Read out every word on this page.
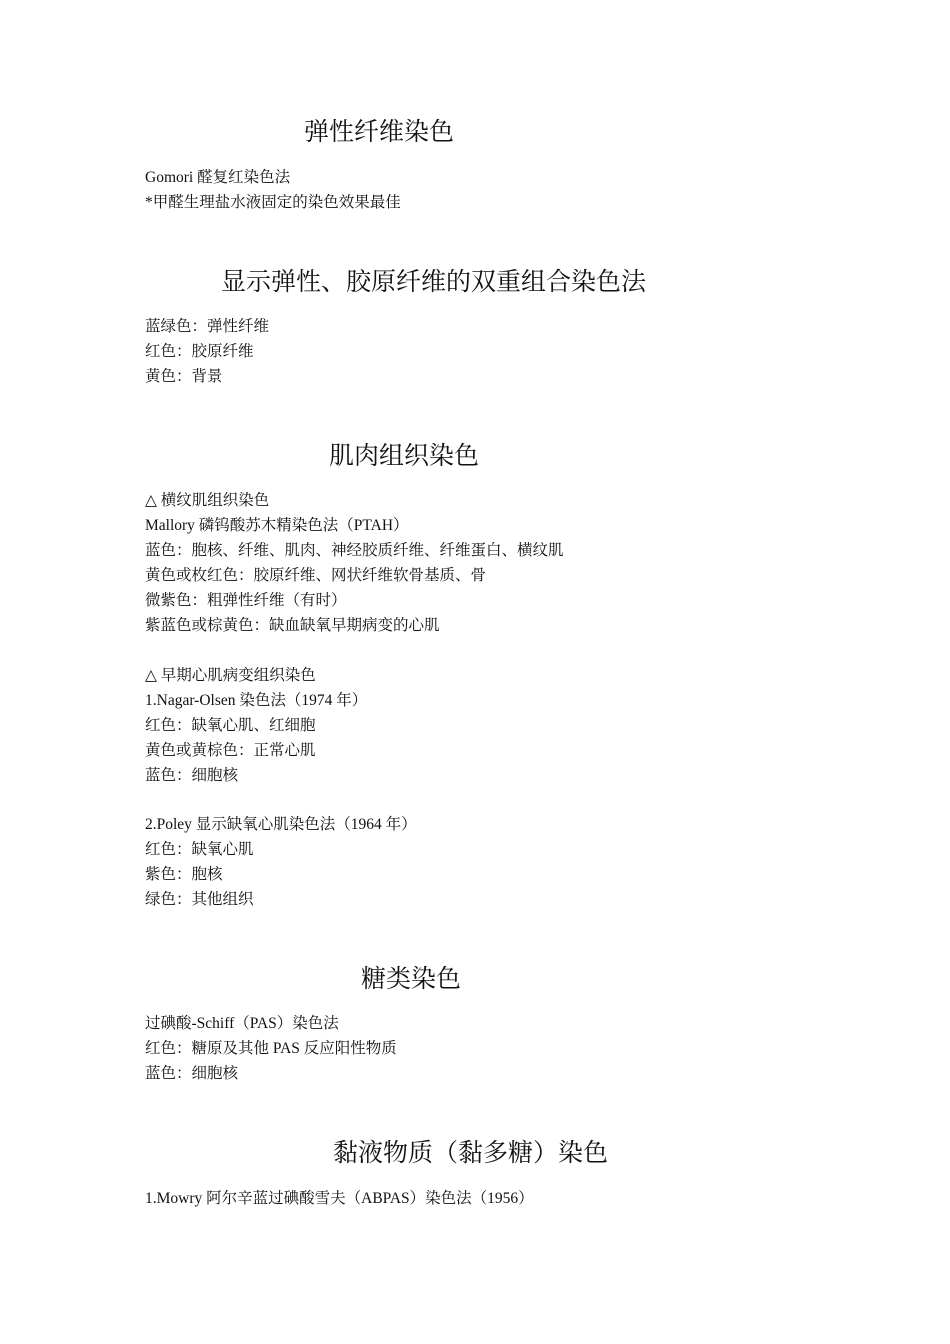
弹性纤维染色

Gomori 醛复红染色法

*甲醛生理盐水液固定的染色效果最佳

显示弹性、胶原纤维的双重组合染色法

蓝绿色：弹性纤维

红色：胶原纤维

黄色：背景

肌肉组织染色

△ 横纹肌组织染色

Mallory 磷钨酸苏木精染色法（PTAH）

蓝色：胞核、纤维、肌肉、神经胶质纤维、纤维蛋白、横纹肌

黄色或枚红色：胶原纤维、网状纤维软骨基质、骨

微紫色：粗弹性纤维（有时）

紫蓝色或棕黄色：缺血缺氧早期病变的心肌

△ 早期心肌病变组织染色

1.Nagar-Olsen 染色法（1974 年）

红色：缺氧心肌、红细胞

黄色或黄棕色：正常心肌

蓝色：细胞核

2.Poley 显示缺氧心肌染色法（1964 年）

红色：缺氧心肌

紫色：胞核

绿色：其他组织

糖类染色

过碘酸-Schiff（PAS）染色法

红色：糖原及其他 PAS 反应阳性物质

蓝色：细胞核

黏液物质（黏多糖）染色

1.Mowry 阿尔辛蓝过碘酸雪夫（ABPAS）染色法（1956）
